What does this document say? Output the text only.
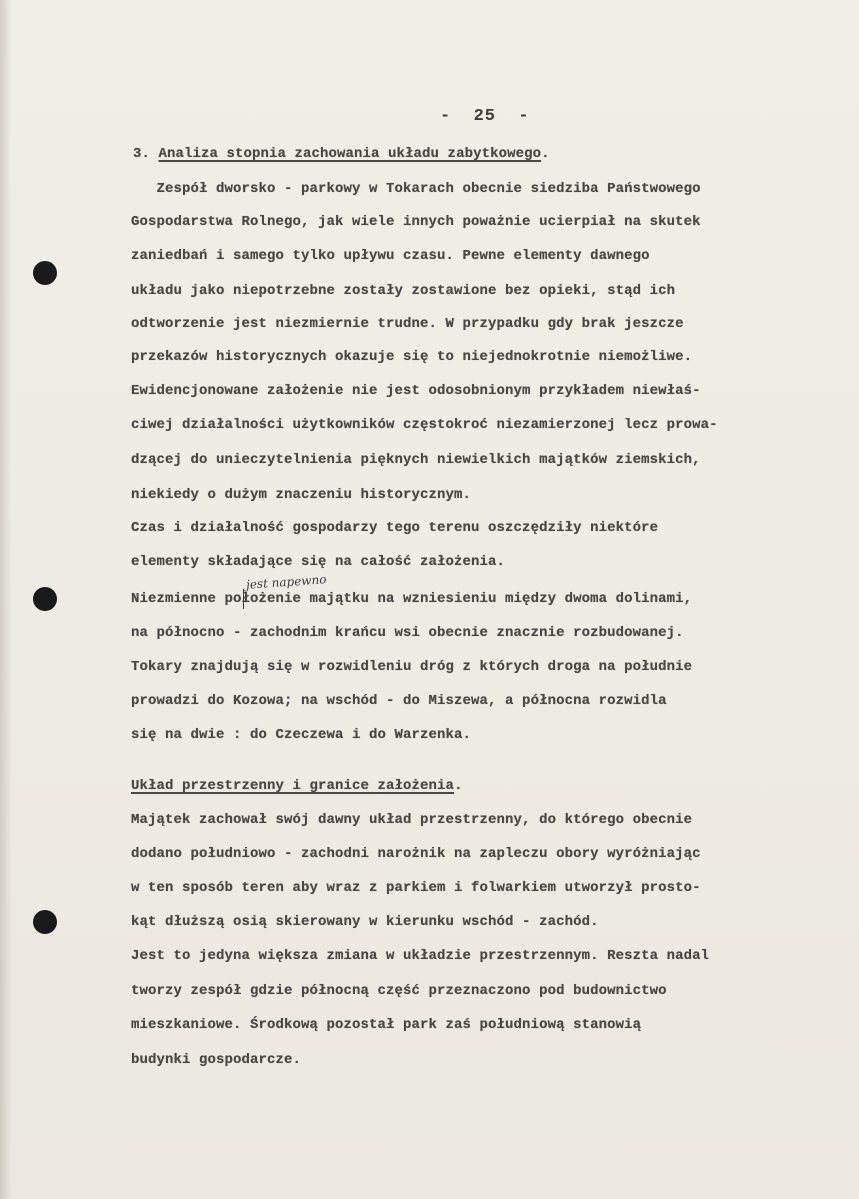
-  25  -
3. Analiza stopnia zachowania układu zabytkowego.
Zespół dworsko - parkowy w Tokarach obecnie siedziba Państwowego
Gospodarstwa Rolnego, jak wiele innych poważnie ucierpiał na skutek
zaniedbań i samego tylko upływu czasu. Pewne elementy dawnego
układu jako niepotrzebne zostały zostawione bez opieki, stąd ich
odtworzenie jest niezmiernie trudne. W przypadku gdy brak jeszcze
przekazów historycznych okazuje się to niejednokrotnie niemożliwe.
Ewidencjonowane założenie nie jest odosobnionym przykładem niewłaś-
ciwej działalności użytkowników częstokroć niezamierzonej lecz prowa-
dzącej do unieczytelnienia pięknych niewielkich majątków ziemskich,
niekiedy o dużym znaczeniu historycznym.
Czas i działalność gospodarzy tego terenu oszczędziły niektóre
elementy składające się na całość założenia.
jest napewno
Niezmienne położenie majątku na wzniesieniu między dwoma dolinami,
na północno - zachodnim krańcu wsi obecnie znacznie rozbudowanej.
Tokary znajdują się w rozwidleniu dróg z których droga na południe
prowadzi do Kozowa; na wschód - do Miszewa, a północna rozwidla
się na dwie : do Czeczewa i do Warzenka.
Układ przestrzenny i granice założenia.
Majątek zachował swój dawny układ przestrzenny, do którego obecnie
dodano południowo - zachodni narożnik na zapleczu obory wyróżniając
w ten sposób teren aby wraz z parkiem i folwarkiem utworzył prosto-
kąt dłuższą osią skierowany w kierunku wschód - zachód.
Jest to jedyna większa zmiana w układzie przestrzennym. Reszta nadal
tworzy zespół gdzie północną część przeznaczono pod budownictwo
mieszkaniowe. Środkową pozostał park zaś południową stanowią
budynki gospodarcze.
